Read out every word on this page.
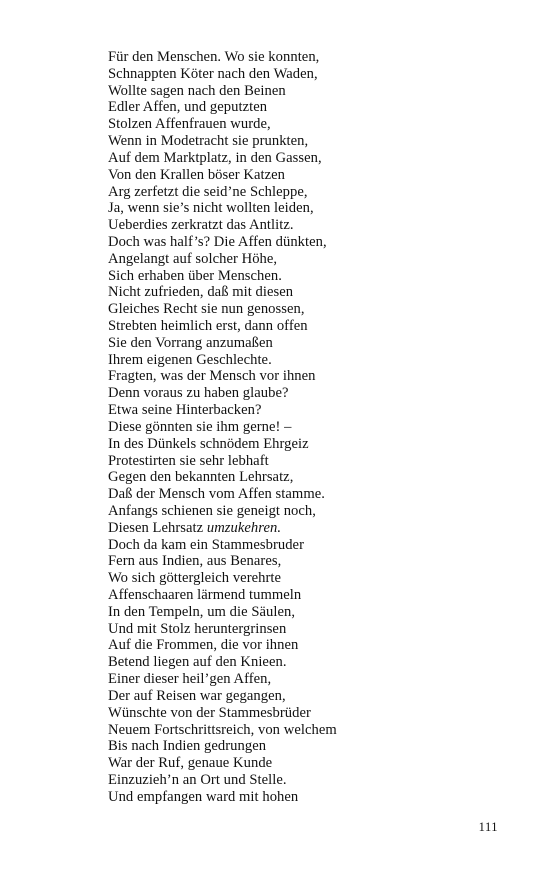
Für den Menschen. Wo sie konnten,
Schnappten Köter nach den Waden,
Wollte sagen nach den Beinen
Edler Affen, und geputzten
Stolzen Affenfrauen wurde,
Wenn in Modetracht sie prunkten,
Auf dem Marktplatz, in den Gassen,
Von den Krallen böser Katzen
Arg zerfetzt die seid’ne Schleppe,
Ja, wenn sie’s nicht wollten leiden,
Ueberdies zerkratzt das Antlitz.
Doch was half’s? Die Affen dünkten,
Angelangt auf solcher Höhe,
Sich erhaben über Menschen.
Nicht zufrieden, daß mit diesen
Gleiches Recht sie nun genossen,
Strebten heimlich erst, dann offen
Sie den Vorrang anzumaßen
Ihrem eigenen Geschlechte.
Fragten, was der Mensch vor ihnen
Denn voraus zu haben glaube?
Etwa seine Hinterbacken?
Diese gönnten sie ihm gerne! –
In des Dünkels schnödem Ehrgeiz
Protestirten sie sehr lebhaft
Gegen den bekannten Lehrsatz,
Daß der Mensch vom Affen stamme.
Anfangs schienen sie geneigt noch,
Diesen Lehrsatz umzukehren.
Doch da kam ein Stammesbruder
Fern aus Indien, aus Benares,
Wo sich göttergleich verehrte
Affenschaaren lärmend tummeln
In den Tempeln, um die Säulen,
Und mit Stolz heruntergrinsen
Auf die Frommen, die vor ihnen
Betend liegen auf den Knieen.
Einer dieser heil’gen Affen,
Der auf Reisen war gegangen,
Wünschte von der Stammesbrüder
Neuem Fortschrittsreich, von welchem
Bis nach Indien gedrungen
War der Ruf, genaue Kunde
Einzuzieh’n an Ort und Stelle.
Und empfangen ward mit hohen
111
